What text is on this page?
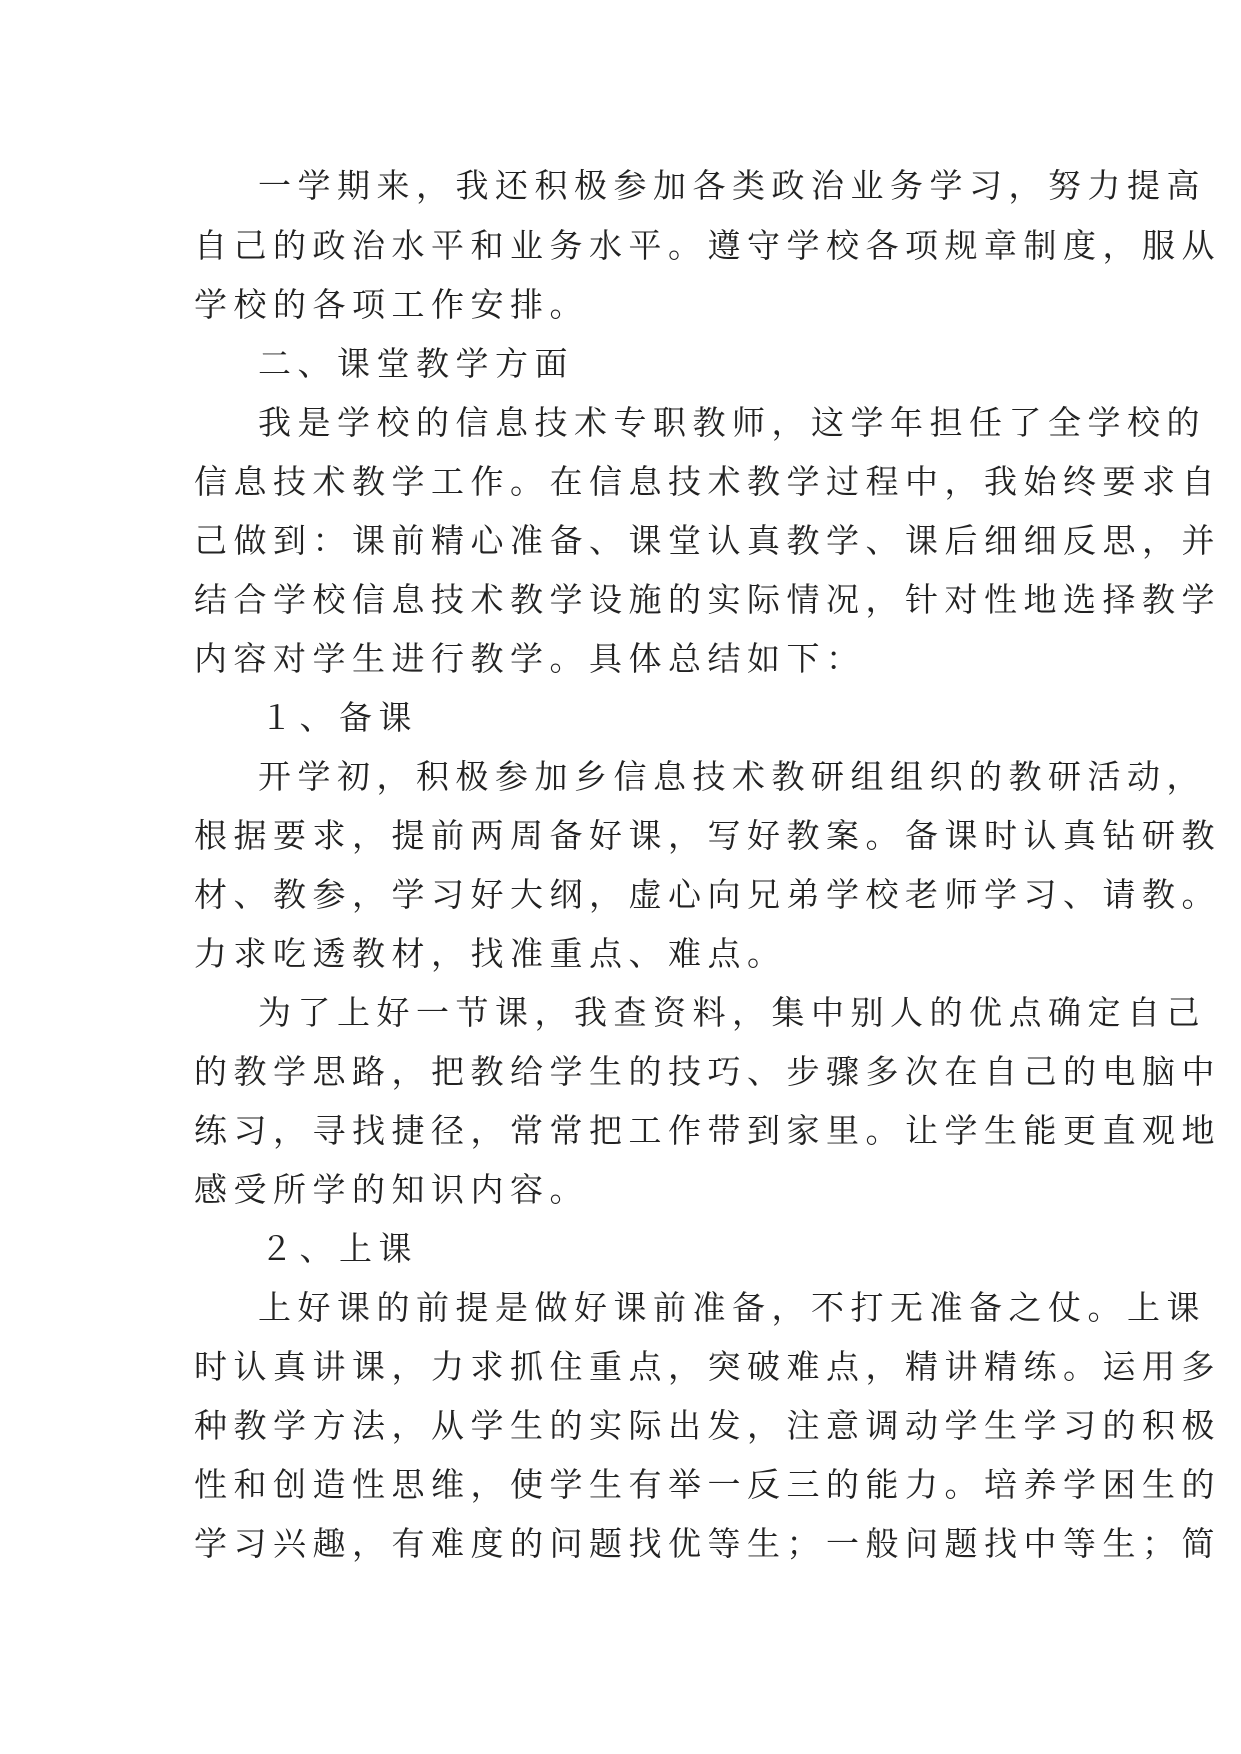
一学期来，我还积极参加各类政治业务学习，努力提高
自己的政治水平和业务水平。遵守学校各项规章制度，服从
学校的各项工作安排。
二、课堂教学方面
我是学校的信息技术专职教师，这学年担任了全学校的
信息技术教学工作。在信息技术教学过程中，我始终要求自
己做到：课前精心准备、课堂认真教学、课后细细反思，并
结合学校信息技术教学设施的实际情况，针对性地选择教学
内容对学生进行教学。具体总结如下：
１、备课
开学初，积极参加乡信息技术教研组组织的教研活动，
根据要求，提前两周备好课，写好教案。备课时认真钻研教
材、教参，学习好大纲，虚心向兄弟学校老师学习、请教。
力求吃透教材，找准重点、难点。
为了上好一节课，我查资料，集中别人的优点确定自己
的教学思路，把教给学生的技巧、步骤多次在自己的电脑中
练习，寻找捷径，常常把工作带到家里。让学生能更直观地
感受所学的知识内容。
２、上课
上好课的前提是做好课前准备，不打无准备之仗。上课
时认真讲课，力求抓住重点，突破难点，精讲精练。运用多
种教学方法，从学生的实际出发，注意调动学生学习的积极
性和创造性思维，使学生有举一反三的能力。培养学困生的
学习兴趣，有难度的问题找优等生；一般问题找中等生；简
